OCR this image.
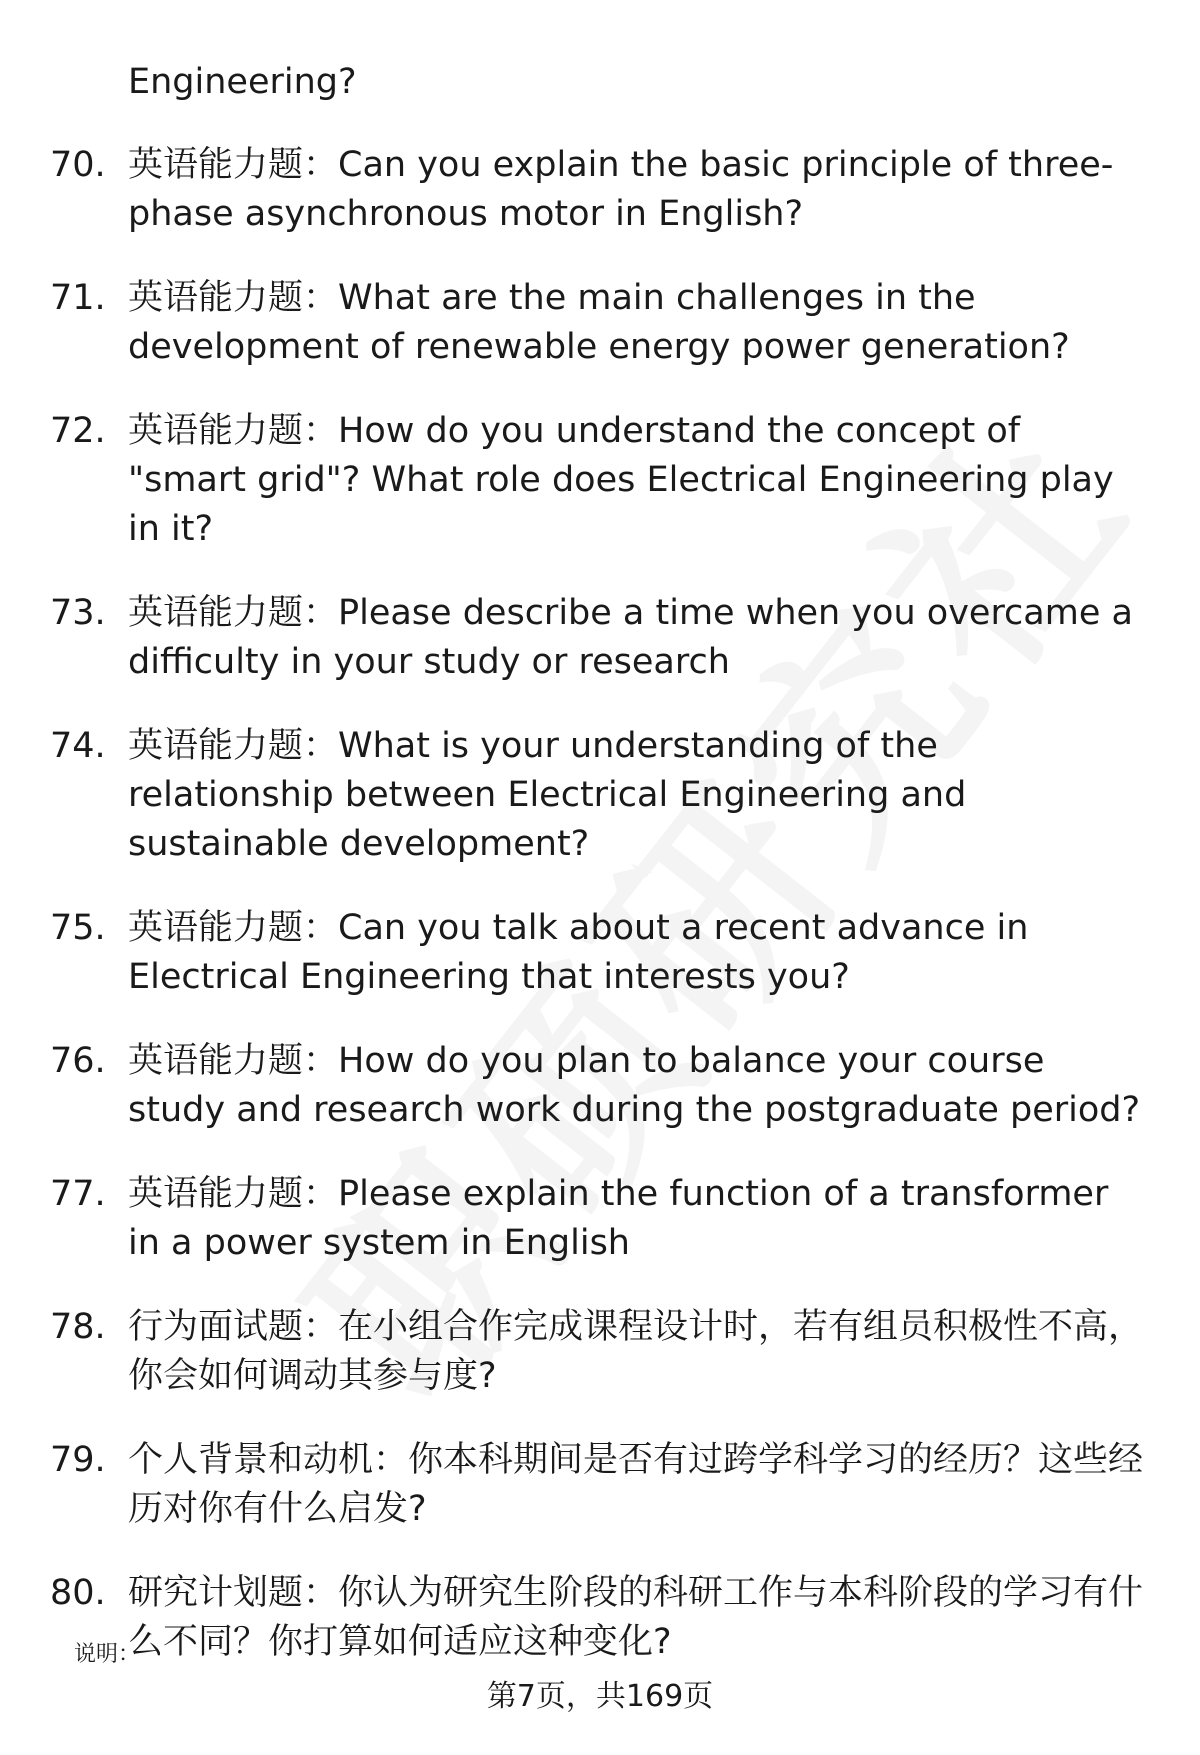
Engineering?
70. 英语能力题：Can you explain the basic principle of three-phase asynchronous motor in English?
71. 英语能力题：What are the main challenges in the development of renewable energy power generation?
72. 英语能力题：How do you understand the concept of "smart grid"? What role does Electrical Engineering play in it?
73. 英语能力题：Please describe a time when you overcame a difficulty in your study or research
74. 英语能力题：What is your understanding of the relationship between Electrical Engineering and sustainable development?
75. 英语能力题：Can you talk about a recent advance in Electrical Engineering that interests you?
76. 英语能力题：How do you plan to balance your course study and research work during the postgraduate period?
77. 英语能力题：Please explain the function of a transformer in a power system in English
78. 行为面试题：在小组合作完成课程设计时，若有组员积极性不高，你会如何调动其参与度?
79. 个人背景和动机：你本科期间是否有过跨学科学习的经历？这些经历对你有什么启发?
80. 研究计划题：你认为研究生阶段的科研工作与本科阶段的学习有什么不同？你打算如何适应这种变化?
说明：
第7页，共169页
